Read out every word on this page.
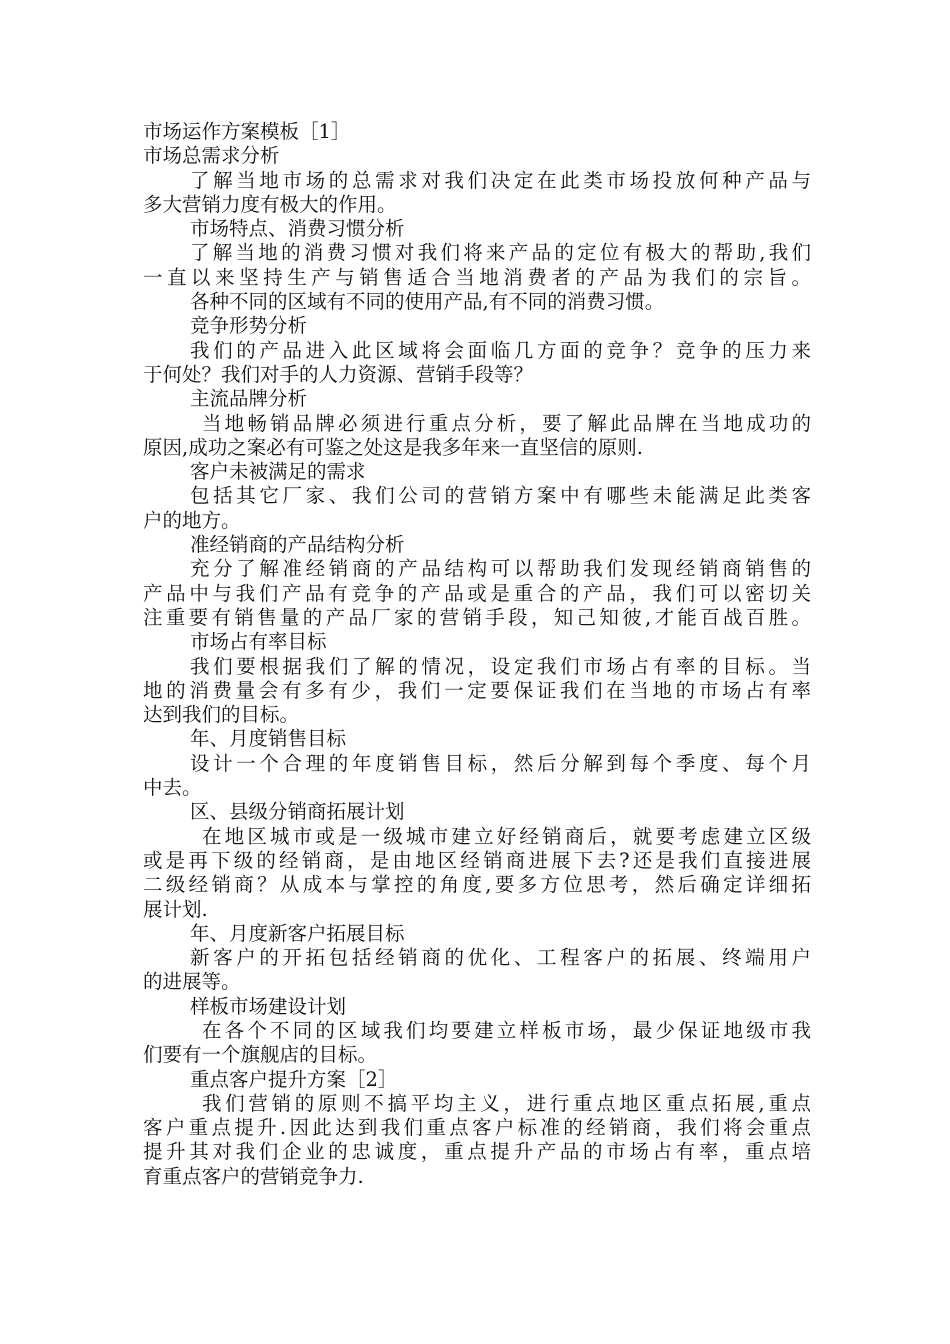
市场运作方案模板［1］
市场总需求分析
了解当地市场的总需求对我们决定在此类市场投放何种产品与
多大营销力度有极大的作用。
市场特点、消费习惯分析
了解当地的消费习惯对我们将来产品的定位有极大的帮助,我们
一直以来坚持生产与销售适合当地消费者的产品为我们的宗旨。
各种不同的区域有不同的使用产品,有不同的消费习惯。
竞争形势分析
我们的产品进入此区域将会面临几方面的竞争？竞争的压力来
于何处？我们对手的人力资源、营销手段等？
主流品牌分析
当地畅销品牌必须进行重点分析，要了解此品牌在当地成功的
原因,成功之案必有可鉴之处这是我多年来一直坚信的原则.
客户未被满足的需求
包括其它厂家、我们公司的营销方案中有哪些未能满足此类客
户的地方。
准经销商的产品结构分析
充分了解准经销商的产品结构可以帮助我们发现经销商销售的
产品中与我们产品有竞争的产品或是重合的产品，我们可以密切关
注重要有销售量的产品厂家的营销手段，知己知彼,才能百战百胜。
市场占有率目标
我们要根据我们了解的情况，设定我们市场占有率的目标。当
地的消费量会有多有少，我们一定要保证我们在当地的市场占有率
达到我们的目标。
年、月度销售目标
设计一个合理的年度销售目标，然后分解到每个季度、每个月
中去。
区、县级分销商拓展计划
在地区城市或是一级城市建立好经销商后，就要考虑建立区级
或是再下级的经销商，是由地区经销商进展下去?还是我们直接进展
二级经销商？从成本与掌控的角度,要多方位思考，然后确定详细拓
展计划.
年、月度新客户拓展目标
新客户的开拓包括经销商的优化、工程客户的拓展、终端用户
的进展等。
样板市场建设计划
在各个不同的区域我们均要建立样板市场，最少保证地级市我
们要有一个旗舰店的目标。
重点客户提升方案［2］
我们营销的原则不搞平均主义，进行重点地区重点拓展,重点
客户重点提升.因此达到我们重点客户标准的经销商，我们将会重点
提升其对我们企业的忠诚度，重点提升产品的市场占有率，重点培
育重点客户的营销竞争力.
